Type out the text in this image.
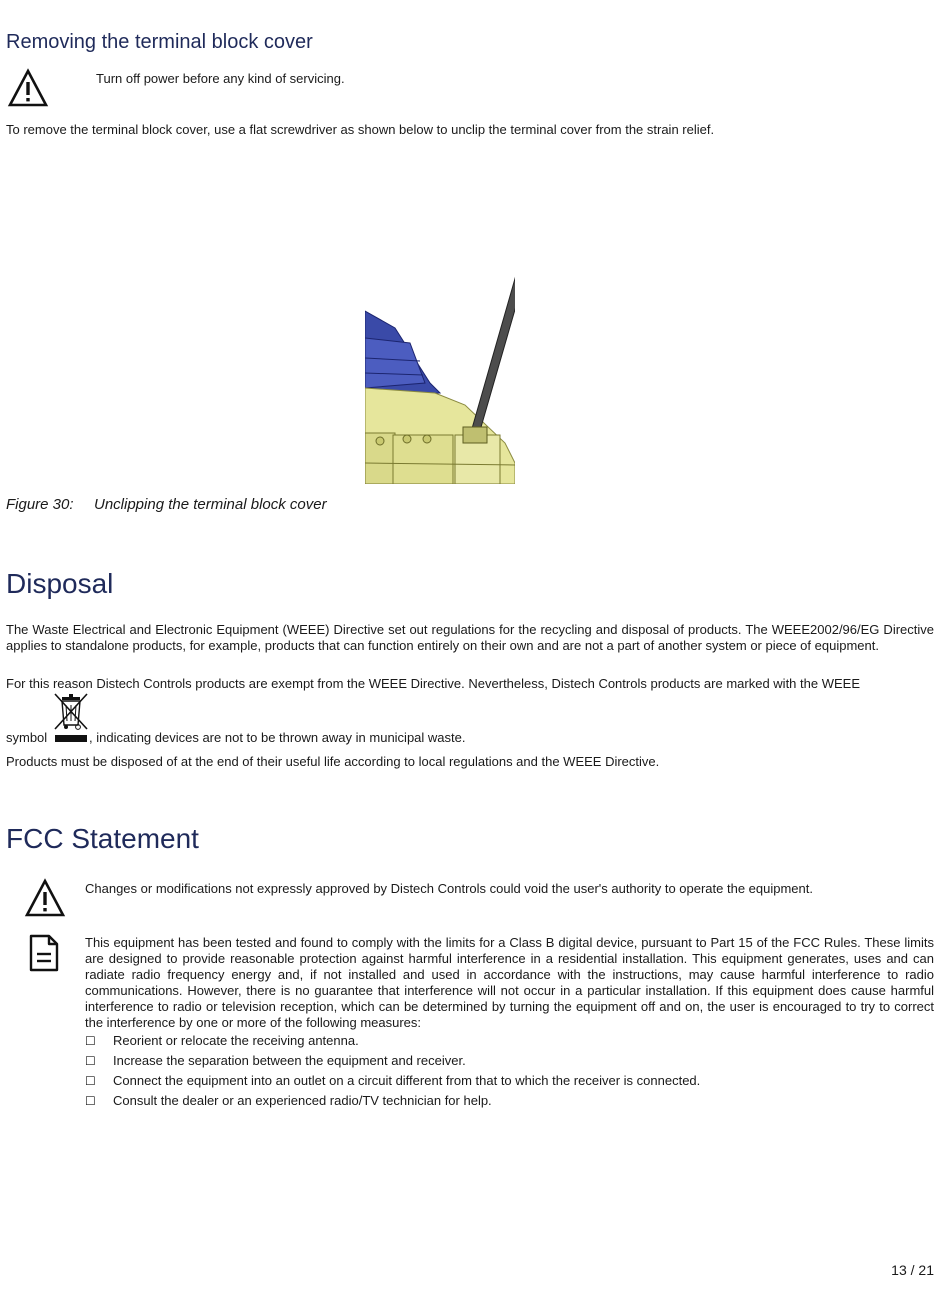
Removing the terminal block cover
Turn off power before any kind of servicing.
To remove the terminal block cover, use a flat screwdriver as shown below to unclip the terminal cover from the strain relief.
Figure 30: Unclipping the terminal block cover
Disposal
The Waste Electrical and Electronic Equipment (WEEE) Directive set out regulations for the recycling and disposal of products. The WEEE2002/96/EG Directive applies to standalone products, for example, products that can function entirely on their own and are not a part of another system or piece of equipment.
For this reason Distech Controls products are exempt from the WEEE Directive. Nevertheless, Distech Controls products are marked with the WEEE
symbol	, indicating devices are not to be thrown away in municipal waste.
Products must be disposed of at the end of their useful life according to local regulations and the WEEE Directive.
FCC Statement
Changes or modifications not expressly approved by Distech Controls could void the user's authority to operate the equipment.
This equipment has been tested and found to comply with the limits for a Class B digital device, pursuant to Part 15 of the FCC Rules. These limits are designed to provide reasonable protection against harmful interference in a residential installation. This equipment generates, uses and can radiate radio frequency energy and, if not installed and used in accordance with the instructions, may cause harmful interference to radio communications. However, there is no guarantee that interference will not occur in a particular installation. If this equipment does cause harmful interference to radio or television reception, which can be determined by turning the equipment off and on, the user is encouraged to try to correct the interference by one or more of the following measures:
☐	Reorient or relocate the receiving antenna.
☐	Increase the separation between the equipment and receiver.
☐	Connect the equipment into an outlet on a circuit different from that to which the receiver is connected.
☐	Consult the dealer or an experienced radio/TV technician for help.
13 / 21
